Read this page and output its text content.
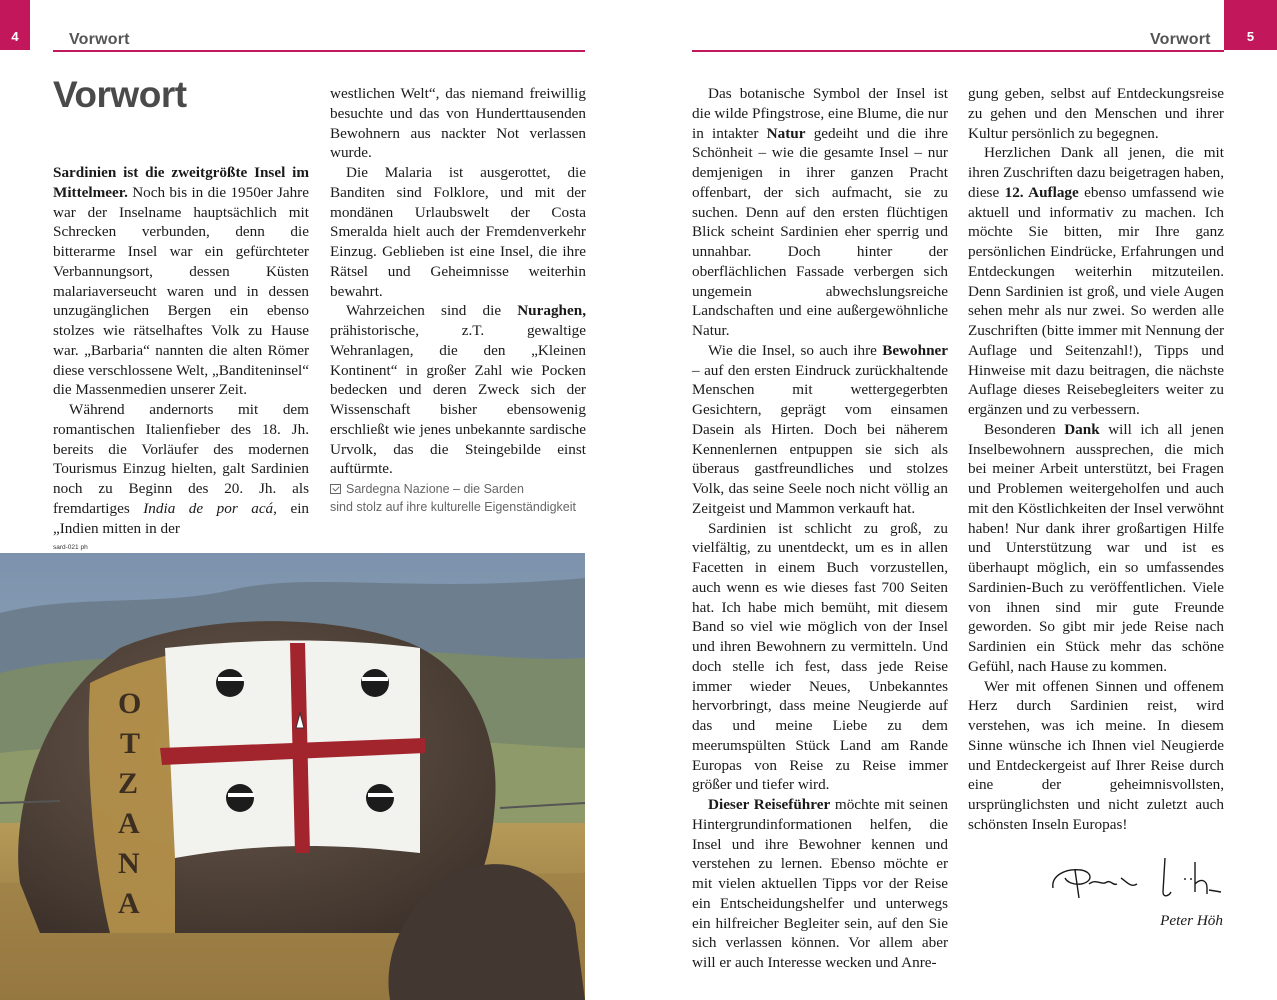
4	Vorwort	Vorwort	5
Vorwort

Sardinien ist die zweitgrößte Insel im Mittelmeer. Noch bis in die 1950er Jahre war der Inselname hauptsächlich mit Schrecken verbunden, denn die bitterarme Insel war ein gefürchteter Verbannungsort, dessen Küsten malariaverseucht waren und in dessen unzugänglichen Bergen ein ebenso stolzes wie rätselhaftes Volk zu Hause war. „Barbaria“ nannten die alten Römer diese verschlossene Welt, „Banditeninsel“ die Massenmedien unserer Zeit.

Während andernorts mit dem romantischen Italienfieber des 18. Jh. bereits die Vorläufer des modernen Tourismus Einzug hielten, galt Sardinien noch zu Beginn des 20. Jh. als fremdartiges India de por acá, ein „Indien mitten in der

westlichen Welt“, das niemand freiwillig besuchte und das von Hunderttausenden Bewohnern aus nackter Not verlassen wurde.

Die Malaria ist ausgerottet, die Banditen sind Folklore, und mit der mondänen Urlaubswelt der Costa Smeralda hielt auch der Fremdenverkehr Einzug. Geblieben ist eine Insel, die ihre Rätsel und Geheimnisse weiterhin bewahrt.

Wahrzeichen sind die Nuraghen, prähistorische, z.T. gewaltige Wehranlagen, die den „Kleinen Kontinent“ in großer Zahl wie Pocken bedecken und deren Zweck sich der Wissenschaft bisher ebensowenig erschließt wie jenes unbekannte sardische Urvolk, das die Steingebilde einst auftürmte.

Das botanische Symbol der Insel ist die wilde Pfingstrose, eine Blume, die nur in intakter Natur gedeiht und die ihre Schönheit – wie die gesamte Insel – nur demjenigen in ihrer ganzen Pracht offenbart, der sich aufmacht, sie zu suchen. Denn auf den ersten flüchtigen Blick scheint Sardinien eher sperrig und unnahbar. Doch hinter der oberflächlichen Fassade verbergen sich ungemein abwechslungsreiche Landschaften und eine außergewöhnliche Natur.

Wie die Insel, so auch ihre Bewohner – auf den ersten Eindruck zurückhaltende Menschen mit wettergegerbten Gesichtern, geprägt vom einsamen Dasein als Hirten. Doch bei näherem Kennenlernen entpuppen sie sich als überaus gastfreundliches und stolzes Volk, das seine Seele noch nicht völlig an Zeitgeist und Mammon verkauft hat.

Sardinien ist schlicht zu groß, zu vielfältig, zu unentdeckt, um es in allen Facetten in einem Buch vorzustellen, auch wenn es wie dieses fast 700 Seiten hat. Ich habe mich bemüht, mit diesem Band so viel wie möglich von der Insel und ihren Bewohnern zu vermitteln. Und doch stelle ich fest, dass jede Reise immer wieder Neues, Unbekanntes hervorbringt, dass meine Neugierde auf das und meine Liebe zu dem meerumspülten Stück Land am Rande Europas von Reise zu Reise immer größer und tiefer wird.

Dieser Reiseführer möchte mit seinen Hintergrundinformationen helfen, die Insel und ihre Bewohner kennen und verstehen zu lernen. Ebenso möchte er mit vielen aktuellen Tipps vor der Reise ein Entscheidungshelfer und unterwegs ein hilfreicher Begleiter sein, auf den Sie sich verlassen können. Vor allem aber will er auch Interesse wecken und Anre-

gung geben, selbst auf Entdeckungsreise zu gehen und den Menschen und ihrer Kultur persönlich zu begegnen.

Herzlichen Dank all jenen, die mit ihren Zuschriften dazu beigetragen haben, diese 12. Auflage ebenso umfassend wie aktuell und informativ zu machen. Ich möchte Sie bitten, mir Ihre ganz persönlichen Eindrücke, Erfahrungen und Entdeckungen weiterhin mitzuteilen. Denn Sardinien ist groß, und viele Augen sehen mehr als nur zwei. So werden alle Zuschriften (bitte immer mit Nennung der Auflage und Seitenzahl!), Tipps und Hinweise mit dazu beitragen, die nächste Auflage dieses Reisebegleiters weiter zu ergänzen und zu verbessern.

Besonderen Dank will ich all jenen Inselbewohnern aussprechen, die mich bei meiner Arbeit unterstützt, bei Fragen und Problemen weitergeholfen und auch mit den Köstlichkeiten der Insel verwöhnt haben! Nur dank ihrer großartigen Hilfe und Unterstützung war und ist es überhaupt möglich, ein so umfassendes Sardinien-Buch zu veröffentlichen. Viele von ihnen sind mir gute Freunde geworden. So gibt mir jede Reise nach Sardinien ein Stück mehr das schöne Gefühl, nach Hause zu kommen.

Wer mit offenen Sinnen und offenem Herz durch Sardinien reist, wird verstehen, was ich meine. In diesem Sinne wünsche ich Ihnen viel Neugierde und Entdeckergeist auf Ihrer Reise durch eine der geheimnisvollsten, ursprünglichsten und nicht zuletzt auch schönsten Inseln Europas!

Sardegna Nazione – die Sarden
sind stolz auf ihre kulturelle Eigenständigkeit
sard-021 ph
O
T
Z
A
N
A
Peter Höh
